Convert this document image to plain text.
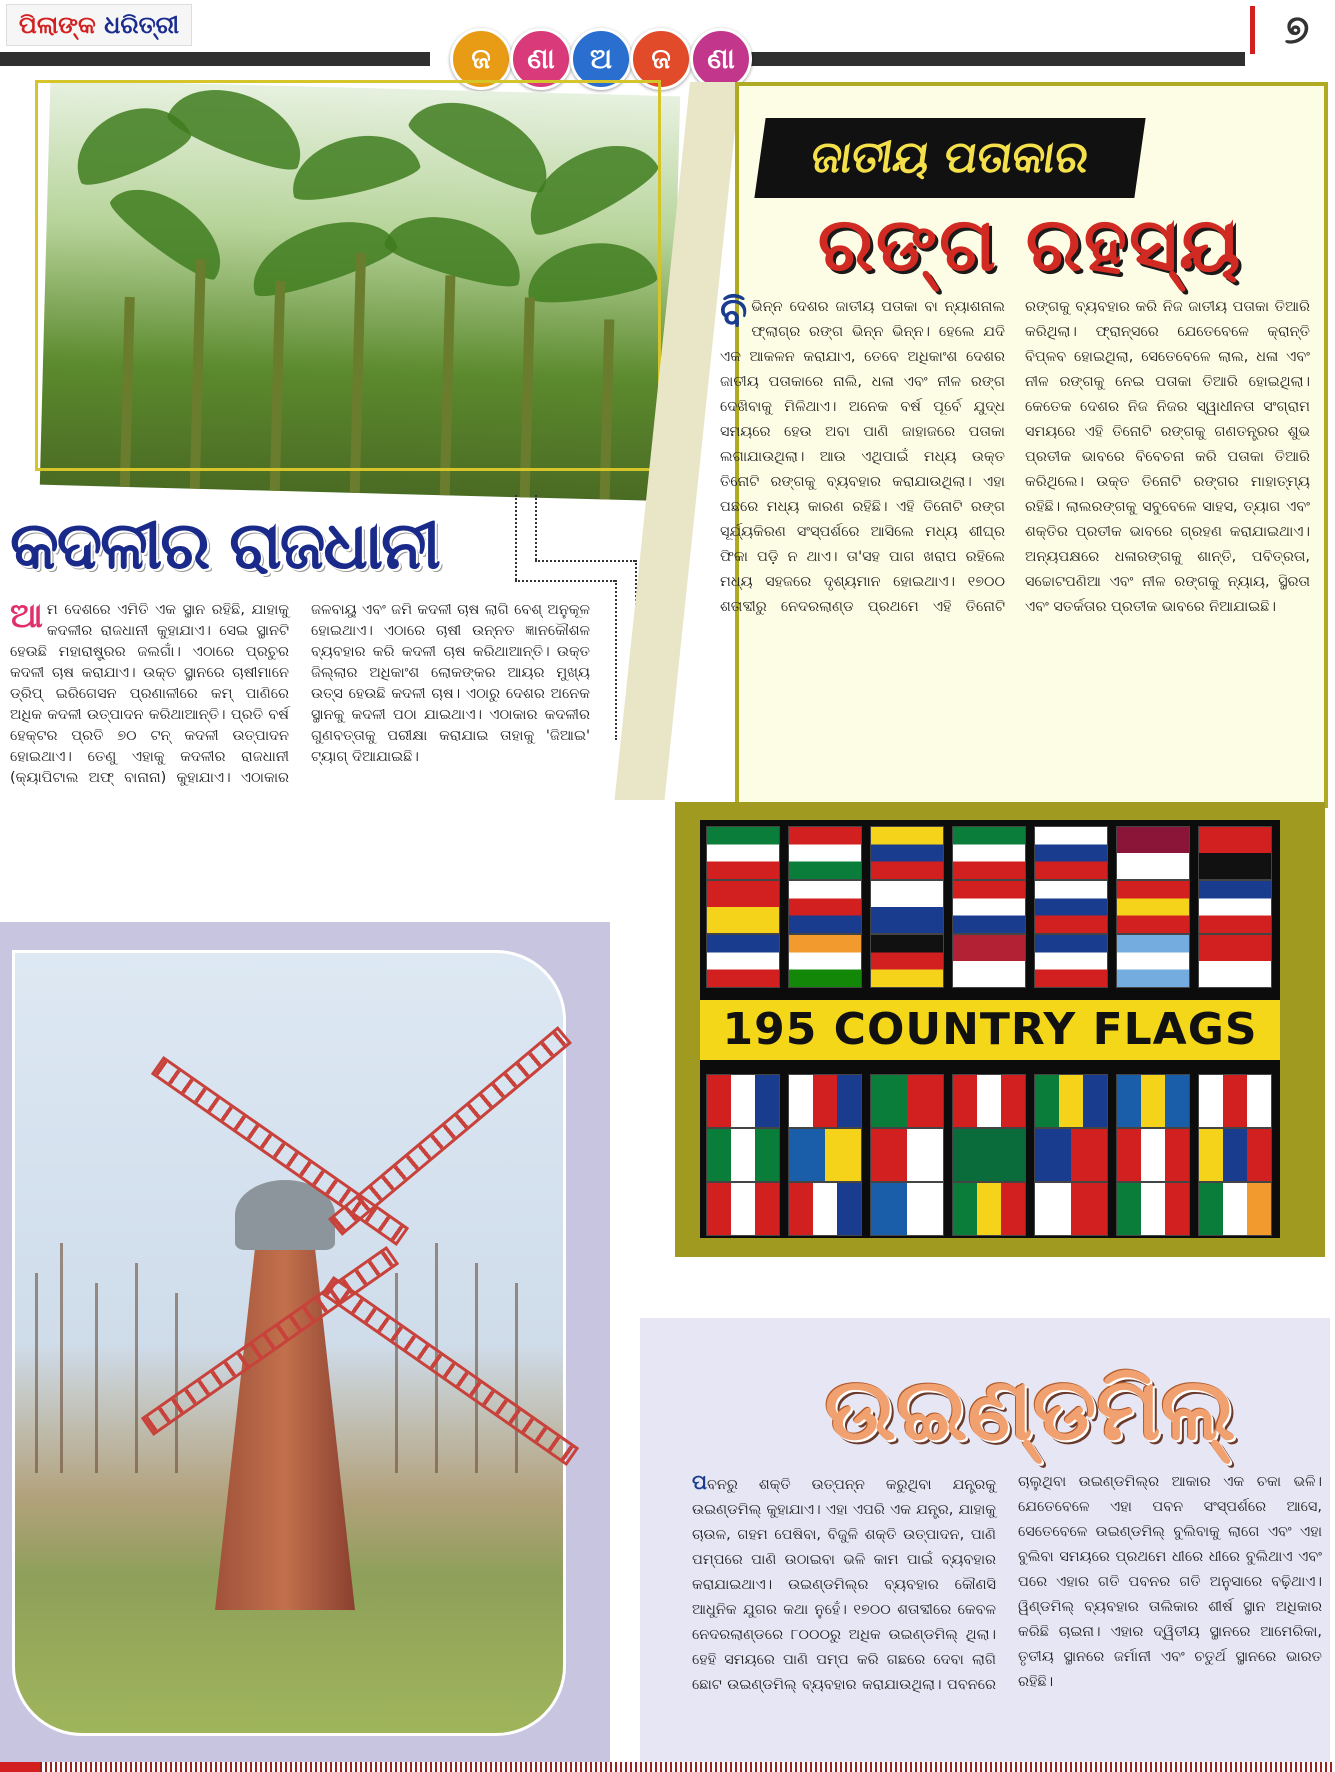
ପିଲାଙ୍କ ଧରିତ୍ରୀ
ଜ	ଣା	ଅ	ଜ	ଣା
୭
କଦଳୀର ରାଜଧାନୀ
ଆମ ଦେଶରେ ଏମିତି ଏକ ସ୍ଥାନ ରହିଛି, ଯାହାକୁ କଦଳୀର ରାଜଧାନୀ କୁହାଯାଏ। ସେଇ ସ୍ଥାନଟି ହେଉଛି ମହାରାଷ୍ଟ୍ରର ଜଲଗାଁ। ଏଠାରେ ପ୍ରଚୁର କଦଳୀ ଚାଷ କରାଯାଏ। ଉକ୍ତ ସ୍ଥାନରେ ଚାଷୀମାନେ ଡ୍ରିପ୍ ଇରିଗେସନ ପ୍ରଣାଳୀରେ କମ୍ ପାଣିରେ ଅଧିକ କଦଳୀ ଉତ୍ପାଦନ କରିଥାଆନ୍ତି। ପ୍ରତି ବର୍ଷ ହେକ୍ଟର ପ୍ରତି ୭୦ ଟନ୍ କଦଳୀ ଉତ୍ପାଦନ ହୋଇଥାଏ। ତେଣୁ ଏହାକୁ କଦଳୀର ରାଜଧାନୀ (କ୍ୟାପିଟାଲ ଅଫ୍ ବାନାନା) କୁହାଯାଏ। ଏଠାକାର ଜଳବାୟୁ ଏବଂ ଜମି କଦଳୀ ଚାଷ ଲାଗି ବେଶ୍ ଅନୁକୂଳ ହୋଇଥାଏ। ଏଠାରେ ଚାଷୀ ଉନ୍ନତ ଜ୍ଞାନକୌଶଳ ବ୍ୟବହାର କରି କଦଳୀ ଚାଷ କରିଥାଆନ୍ତି। ଉକ୍ତ ଜିଲ୍ଲାର ଅଧିକାଂଶ ଲୋକଙ୍କର ଆୟର ମୁଖ୍ୟ ଉତ୍ସ ହେଉଛି କଦଳୀ ଚାଷ। ଏଠାରୁ ଦେଶର ଅନେକ ସ୍ଥାନକୁ କଦଳୀ ପଠା ଯାଇଥାଏ। ଏଠାକାର କଦଳୀର ଗୁଣବତ୍ତାକୁ ପରୀକ୍ଷା କରାଯାଇ ତାହାକୁ 'ଜିଆଇ' ଟ୍ୟାଗ୍ ଦିଆଯାଇଛି।
ଜାତୀୟ ପତାକାର
ରଙ୍ଗ ରହସ୍ୟ
ବିଭିନ୍ନ ଦେଶର ଜାତୀୟ ପତାକା ବା ନ୍ୟାଶନାଲ ଫ୍ଲାଗ୍ର ରଙ୍ଗ ଭିନ୍ନ ଭିନ୍ନ। ହେଲେ ଯଦି ଏକ ଆକଳନ କରାଯାଏ, ତେବେ ଅଧିକାଂଶ ଦେଶର ଜାତୀୟ ପତାକାରେ ନାଲି, ଧଳା ଏବଂ ନୀଳ ରଙ୍ଗ ଦେଖିବାକୁ ମିଳିଥାଏ। ଅନେକ ବର୍ଷ ପୂର୍ବେ ଯୁଦ୍ଧ ସମୟରେ ହେଉ ଅବା ପାଣି ଜାହାଜରେ ପତାକା ଲଗାଯାଉଥିଲା। ଆଉ ଏଥିପାଇଁ ମଧ୍ୟ ଉକ୍ତ ତିନୋଟି ରଙ୍ଗକୁ ବ୍ୟବହାର କରାଯାଉଥିଲା। ଏହା ପଛରେ ମଧ୍ୟ କାରଣ ରହିଛି। ଏହି ତିନୋଟି ରଙ୍ଗ ସୂର୍ଯ୍ୟକିରଣ ସଂସ୍ପର୍ଶରେ ଆସିଲେ ମଧ୍ୟ ଶୀଘ୍ର ଫିକା ପଡ଼ି ନ ଥାଏ। ତା'ସହ ପାଗ ଖରାପ ରହିଲେ ମଧ୍ୟ ସହଜରେ ଦୃଶ୍ୟମାନ ହୋଇଥାଏ। ୧୭୦୦ ଶତାବ୍ଦୀରୁ ନେଦରଲାଣ୍ଡ ପ୍ରଥମେ ଏହି ତିନୋଟି ରଙ୍ଗକୁ ବ୍ୟବହାର କରି ନିଜ ଜାତୀୟ ପତାକା ତିଆରି କରିଥିଲା। ଫ୍ରାନ୍ସରେ ଯେତେବେଳେ କ୍ରାନ୍ତି ବିପ୍ଳବ ହୋଇଥିଲା, ସେତେବେଳେ ଲାଲ, ଧଳା ଏବଂ ନୀଳ ରଙ୍ଗକୁ ନେଇ ପତାକା ତିଆରି ହୋଇଥିଲା। କେତେକ ଦେଶର ନିଜ ନିଜର ସ୍ୱାଧୀନତା ସଂଗ୍ରାମ ସମୟରେ ଏହି ତିନୋଟି ରଙ୍ଗକୁ ଗଣତନ୍ତ୍ରର ଶୁଭ ପ୍ରତୀକ ଭାବରେ ବିବେଚନା କରି ପତାକା ତିଆରି କରିଥିଲେ। ଉକ୍ତ ତିନୋଟି ରଙ୍ଗର ମାହାତ୍ମ୍ୟ ରହିଛି। ଲାଲରଙ୍ଗକୁ ସବୁବେଳେ ସାହସ, ତ୍ୟାଗ ଏବଂ ଶକ୍ତିର ପ୍ରତୀକ ଭାବରେ ଗ୍ରହଣ କରାଯାଇଥାଏ। ଅନ୍ୟପକ୍ଷରେ ଧଳାରଙ୍ଗକୁ ଶାନ୍ତି, ପବିତ୍ରତା, ସଚ୍ଚୋଟପଣିଆ ଏବଂ ନୀଳ ରଙ୍ଗକୁ ନ୍ୟାୟ, ସ୍ଥିରତା ଏବଂ ସତର୍କତାର ପ୍ରତୀକ ଭାବରେ ନିଆଯାଇଛି।
195 COUNTRY FLAGS
ଉଇଣ୍ଡମିଲ୍
ପବନରୁ ଶକ୍ତି ଉତ୍ପନ୍ନ କରୁଥିବା ଯନ୍ତ୍ରକୁ ଉଇଣ୍ଡମିଲ୍ କୁହାଯାଏ। ଏହା ଏପରି ଏକ ଯନ୍ତ୍ର, ଯାହାକୁ ଚାଉଳ, ଗହମ ପେଷିବା, ବିଜୁଳି ଶକ୍ତି ଉତ୍ପାଦନ, ପାଣି ପମ୍ପରେ ପାଣି ଉଠାଇବା ଭଳି କାମ ପାଇଁ ବ୍ୟବହାର କରାଯାଇଥାଏ। ଉଇଣ୍ଡମିଲ୍ର ବ୍ୟବହାର କୌଣସି ଆଧୁନିକ ଯୁଗର କଥା ନୁହେଁ। ୧୭୦୦ ଶତାବ୍ଦୀରେ କେବଳ ନେଦରଲାଣ୍ଡରେ ୮୦୦୦ରୁ ଅଧିକ ଉଇଣ୍ଡମିଲ୍ ଥିଲା। ହେହି ସମୟରେ ପାଣି ପମ୍ପ କରି ଗଛରେ ଦେବା ଲାଗି ଛୋଟ ଉଇଣ୍ଡମିଲ୍ ବ୍ୟବହାର କରାଯାଉଥିଲା। ପବନରେ ଚାଲୁଥିବା ଉଇଣ୍ଡମିଲ୍ର ଆକାର ଏକ ଚକା ଭଳି। ଯେତେବେଳେ ଏହା ପବନ ସଂସ୍ପର୍ଶରେ ଆସେ, ସେତେବେଳେ ଉଇଣ୍ଡମିଲ୍ ବୁଲିବାକୁ ଲାଗେ ଏବଂ ଏହା ବୁଲିବା ସମୟରେ ପ୍ରଥମେ ଧୀରେ ଧୀରେ ବୁଲିଥାଏ ଏବଂ ପରେ ଏହାର ଗତି ପବନର ଗତି ଅନୁସାରେ ବଢ଼ିଥାଏ। ୱିଣ୍ଡମିଲ୍ ବ୍ୟବହାର ତାଲିକାର ଶୀର୍ଷ ସ୍ଥାନ ଅଧିକାର କରିଛି ଚାଇନା। ଏହାର ଦ୍ୱିତୀୟ ସ୍ଥାନରେ ଆମେରିକା, ତୃତୀୟ ସ୍ଥାନରେ ଜର୍ମାନୀ ଏବଂ ଚତୁର୍ଥ ସ୍ଥାନରେ ଭାରତ ରହିଛି।
